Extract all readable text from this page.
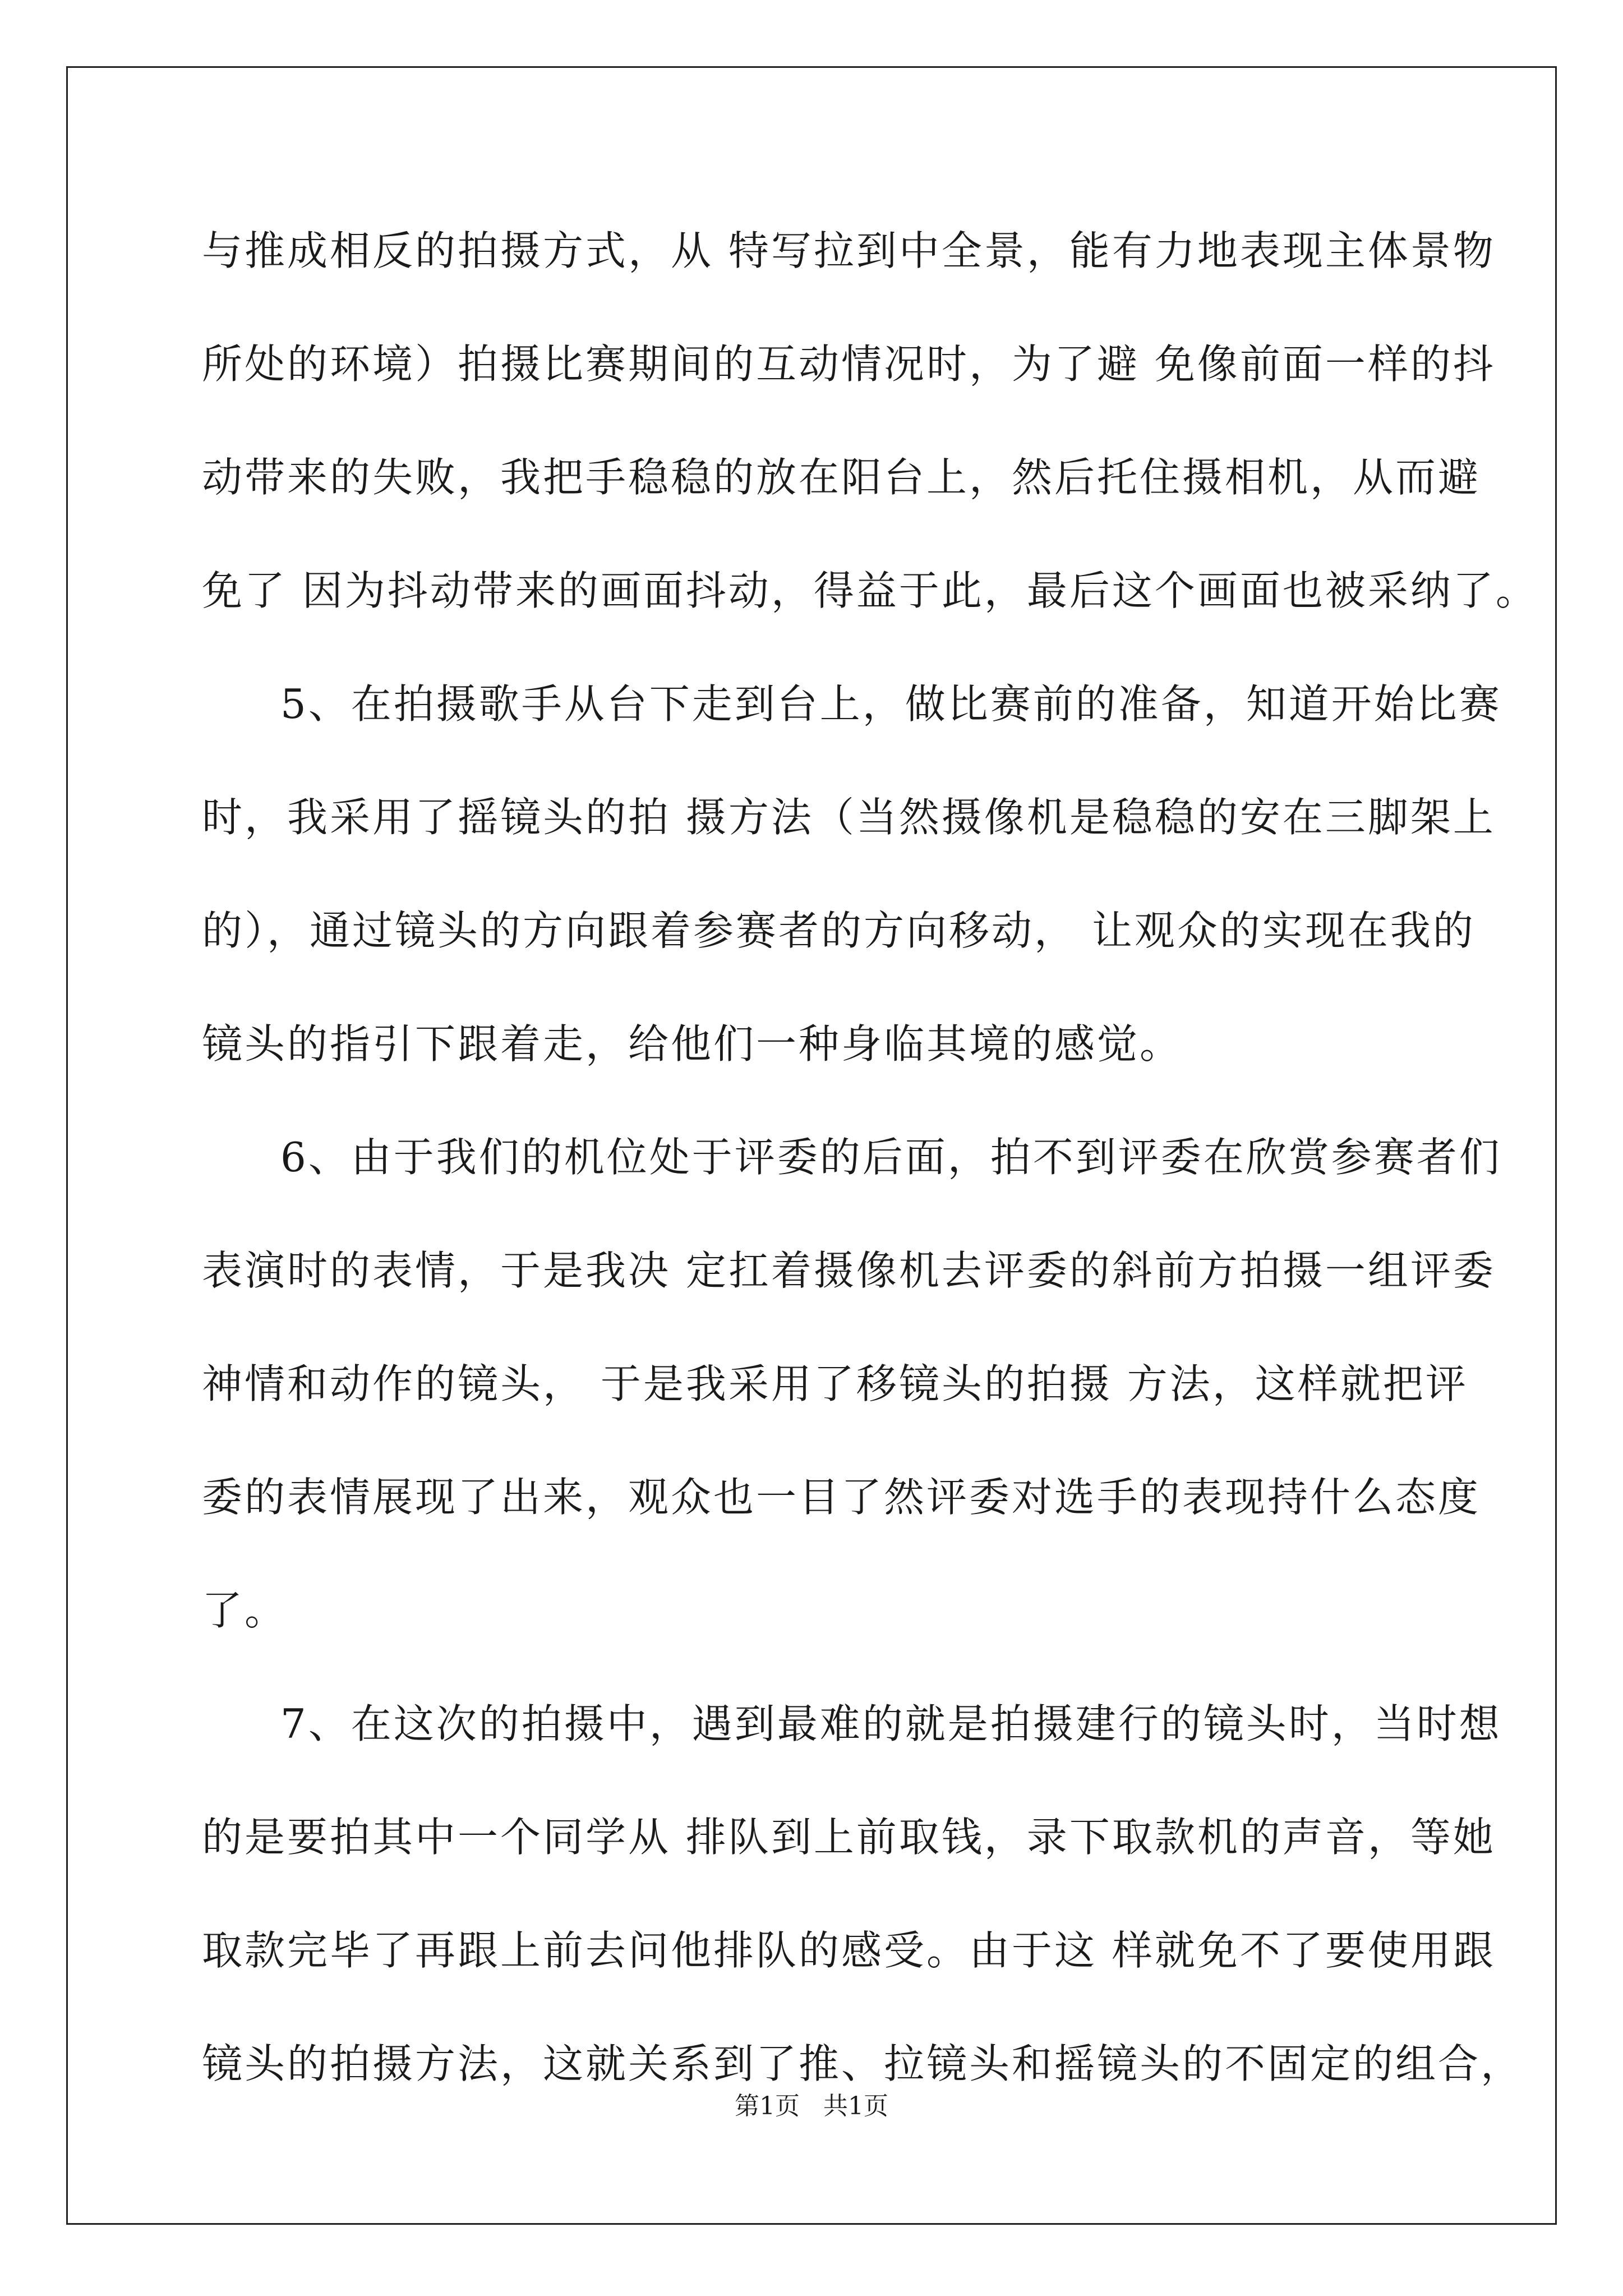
与推成相反的拍摄方式，从 特写拉到中全景，能有力地表现主体景物
所处的环境）拍摄比赛期间的互动情况时，为了避 免像前面一样的抖
动带来的失败，我把手稳稳的放在阳台上，然后托住摄相机，从而避
免了 因为抖动带来的画面抖动，得益于此，最后这个画面也被采纳了。
5、在拍摄歌手从台下走到台上，做比赛前的准备，知道开始比赛
时，我采用了摇镜头的拍 摄方法（当然摄像机是稳稳的安在三脚架上
的），通过镜头的方向跟着参赛者的方向移动， 让观众的实现在我的
镜头的指引下跟着走，给他们一种身临其境的感觉。
6、由于我们的机位处于评委的后面，拍不到评委在欣赏参赛者们
表演时的表情，于是我决 定扛着摄像机去评委的斜前方拍摄一组评委
神情和动作的镜头， 于是我采用了移镜头的拍摄 方法，这样就把评
委的表情展现了出来，观众也一目了然评委对选手的表现持什么态度
了。
7、在这次的拍摄中，遇到最难的就是拍摄建行的镜头时，当时想
的是要拍其中一个同学从 排队到上前取钱，录下取款机的声音，等她
取款完毕了再跟上前去问他排队的感受。由于这 样就免不了要使用跟
镜头的拍摄方法，这就关系到了推、拉镜头和摇镜头的不固定的组合，
第1页   共1页
